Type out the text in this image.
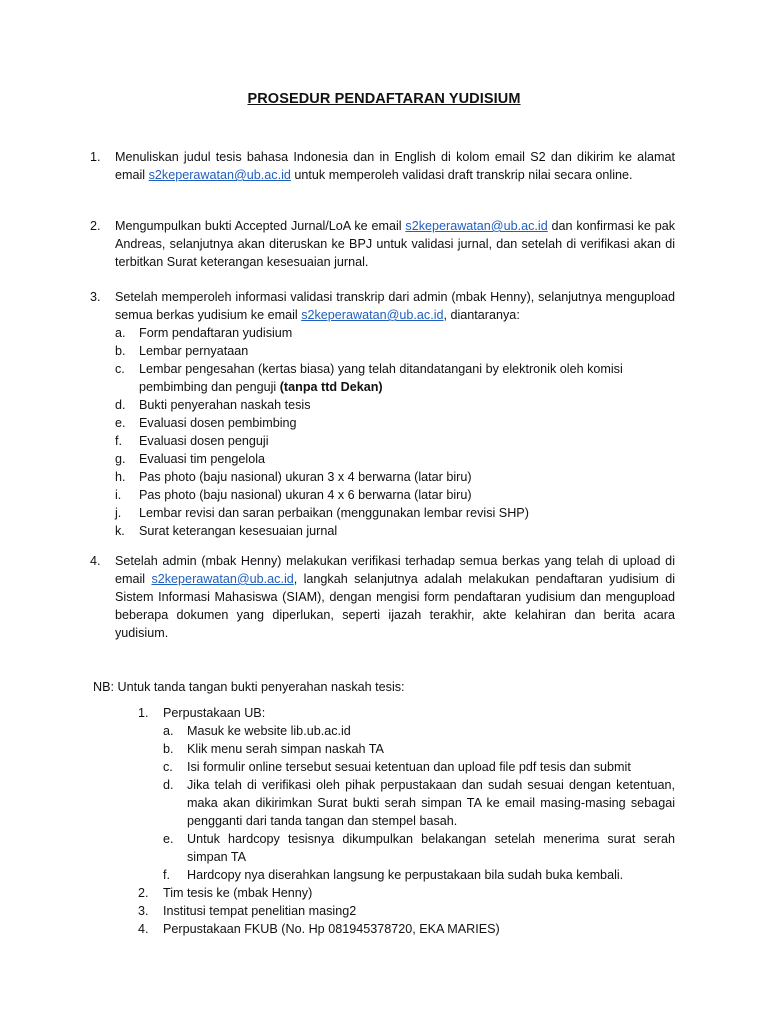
PROSEDUR PENDAFTARAN YUDISIUM
1. Menuliskan judul tesis bahasa Indonesia dan in English di kolom email S2 dan dikirim ke alamat email s2keperawatan@ub.ac.id untuk memperoleh validasi draft transkrip nilai secara online.
2. Mengumpulkan bukti Accepted Jurnal/LoA ke email s2keperawatan@ub.ac.id dan konfirmasi ke pak Andreas, selanjutnya akan diteruskan ke BPJ untuk validasi jurnal, dan setelah di verifikasi akan di terbitkan Surat keterangan kesesuaian jurnal.
3. Setelah memperoleh informasi validasi transkrip dari admin (mbak Henny), selanjutnya mengupload semua berkas yudisium ke email s2keperawatan@ub.ac.id, diantaranya:
a. Form pendaftaran yudisium
b. Lembar pernyataan
c. Lembar pengesahan (kertas biasa) yang telah ditandatangani by elektronik oleh komisi pembimbing dan penguji (tanpa ttd Dekan)
d. Bukti penyerahan naskah tesis
e. Evaluasi dosen pembimbing
f. Evaluasi dosen penguji
g. Evaluasi tim pengelola
h. Pas photo (baju nasional) ukuran 3 x 4 berwarna (latar biru)
i. Pas photo (baju nasional) ukuran 4 x 6 berwarna (latar biru)
j. Lembar revisi dan saran perbaikan (menggunakan lembar revisi SHP)
k. Surat keterangan kesesuaian jurnal
4. Setelah admin (mbak Henny) melakukan verifikasi terhadap semua berkas yang telah di upload di email s2keperawatan@ub.ac.id, langkah selanjutnya adalah melakukan pendaftaran yudisium di Sistem Informasi Mahasiswa (SIAM), dengan mengisi form pendaftaran yudisium dan mengupload beberapa dokumen yang diperlukan, seperti ijazah terakhir, akte kelahiran dan berita acara yudisium.
NB: Untuk tanda tangan bukti penyerahan naskah tesis:
1. Perpustakaan UB:
a. Masuk ke website lib.ub.ac.id
b. Klik menu serah simpan naskah TA
c. Isi formulir online tersebut sesuai ketentuan dan upload file pdf tesis dan submit
d. Jika telah di verifikasi oleh pihak perpustakaan dan sudah sesuai dengan ketentuan, maka akan dikirimkan Surat bukti serah simpan TA ke email masing-masing sebagai pengganti dari tanda tangan dan stempel basah.
e. Untuk hardcopy tesisnya dikumpulkan belakangan setelah menerima surat serah simpan TA
f. Hardcopy nya diserahkan langsung ke perpustakaan bila sudah buka kembali.
2. Tim tesis ke (mbak Henny)
3. Institusi tempat penelitian masing2
4. Perpustakaan FKUB (No. Hp 081945378720, EKA MARIES)
